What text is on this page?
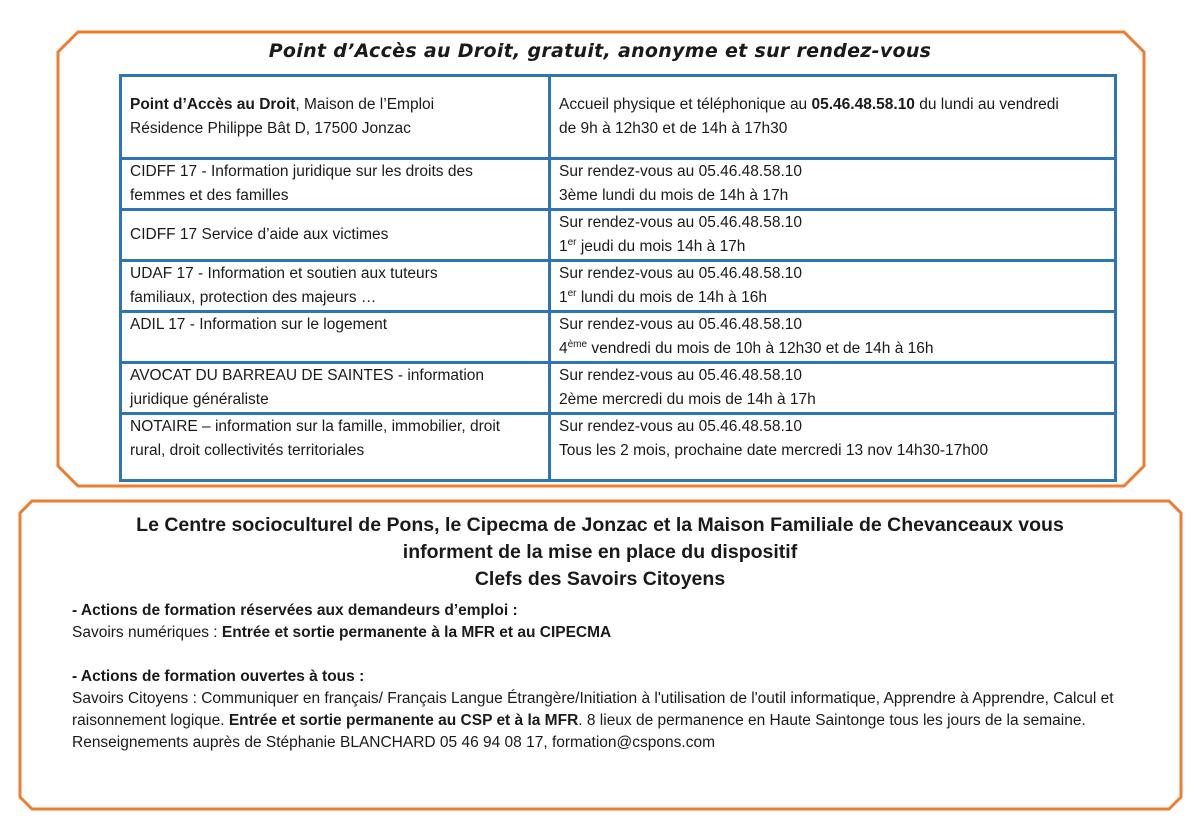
Point d’Accès au Droit, gratuit, anonyme et sur rendez-vous
Point d’Accès au Droit, Maison de l’Emploi
Résidence Philippe Bât D, 17500 Jonzac	Accueil physique et téléphonique au 05.46.48.58.10 du lundi au vendredi
de 9h à 12h30 et de 14h à 17h30
CIDFF 17 - Information juridique sur les droits des
femmes et des familles	Sur rendez-vous au 05.46.48.58.10
3ème lundi du mois de 14h à 17h
CIDFF 17 Service d’aide aux victimes	Sur rendez-vous au 05.46.48.58.10
1er jeudi du mois 14h à 17h
UDAF 17 - Information et soutien aux tuteurs
familiaux, protection des majeurs …	Sur rendez-vous au 05.46.48.58.10
1er lundi du mois de 14h à 16h
ADIL 17 - Information sur le logement	Sur rendez-vous au 05.46.48.58.10
4ème vendredi du mois de 10h à 12h30 et de 14h à 16h
AVOCAT DU BARREAU DE SAINTES - information
juridique généraliste	Sur rendez-vous au 05.46.48.58.10
2ème mercredi du mois de 14h à 17h
NOTAIRE – information sur la famille, immobilier, droit
rural, droit collectivités territoriales	Sur rendez-vous au 05.46.48.58.10
Tous les 2 mois, prochaine date mercredi 13 nov 14h30-17h00
Le Centre socioculturel de Pons, le Cipecma de Jonzac et la Maison Familiale de Chevanceaux vous
informent de la mise en place du dispositif
Clefs des Savoirs Citoyens

- Actions de formation réservées aux demandeurs d’emploi :

Savoirs numériques : Entrée et sortie permanente à la MFR et au CIPECMA

- Actions de formation ouvertes à tous :

Savoirs Citoyens : Communiquer en français/ Français Langue Étrangère/Initiation à l'utilisation de l'outil informatique, Apprendre à Apprendre, Calcul et raisonnement logique. Entrée et sortie permanente au CSP et à la MFR. 8 lieux de permanence en Haute Saintonge tous les jours de la semaine.

Renseignements auprès de Stéphanie BLANCHARD 05 46 94 08 17, formation@cspons.com
